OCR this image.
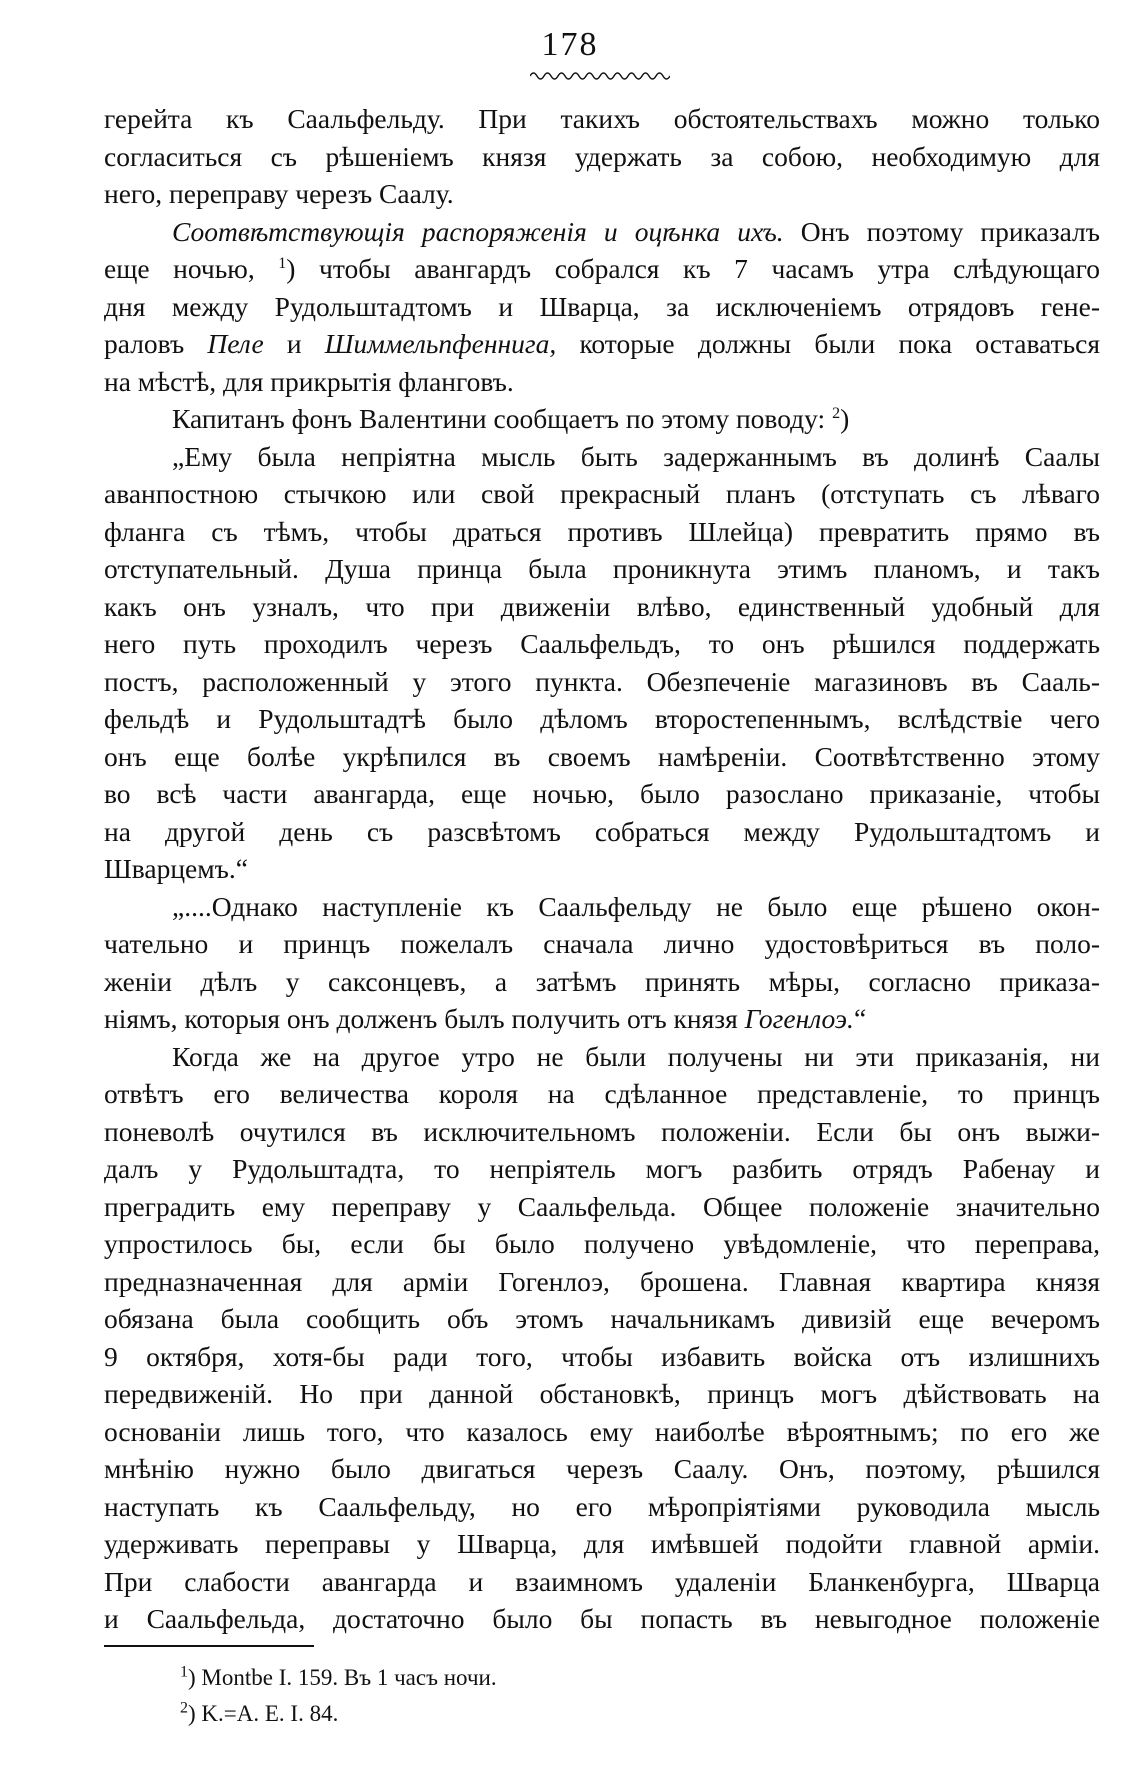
178
герейта къ Саальфельду. При такихъ обстоятельствахъ можно только
согласиться съ рѣшеніемъ князя удержать за собою, необходимую для
него, переправу черезъ Саалу.
Соотвѣтствующія распоряженія и оцѣнка ихъ. Онъ поэтому приказалъ
еще ночью, $^1$) чтобы авангардъ собрался къ 7 часамъ утра слѣдующаго
дня между Рудольштадтомъ и Шварца, за исключеніемъ отрядовъ гене-
раловъ Пеле и Шиммельпфеннига, которые должны были пока оставаться
на мѣстѣ, для прикрытія фланговъ.
Капитанъ фонъ Валентини сообщаетъ по этому поводу: $^2$)
„Ему была непріятна мысль быть задержаннымъ въ долинѣ Саалы
аванпостною стычкою или свой прекрасный планъ (отступать съ лѣваго
фланга съ тѣмъ, чтобы драться противъ Шлейца) превратить прямо въ
отступательный. Душа принца была проникнута этимъ планомъ, и такъ
какъ онъ узналъ, что при движеніи влѣво, единственный удобный для
него путь проходилъ черезъ Саальфельдъ, то онъ рѣшился поддержать
постъ, расположенный у этого пункта. Обезпеченіе магазиновъ въ Сааль-
фельдѣ и Рудольштадтѣ было дѣломъ второстепеннымъ, вслѣдствіе чего
онъ еще болѣе укрѣпился въ своемъ намѣреніи. Соотвѣтственно этому
во всѣ части авангарда, еще ночью, было разослано приказаніе, чтобы
на другой день съ разсвѣтомъ собраться между Рудольштадтомъ и
Шварцемъ.“
„....Однако наступленіе къ Саальфельду не было еще рѣшено окон-
чательно и принцъ пожелалъ сначала лично удостовѣриться въ поло-
женіи дѣлъ у саксонцевъ, а затѣмъ принять мѣры, согласно приказа-
ніямъ, которыя онъ долженъ былъ получить отъ князя Гогенлоэ.“
Когда же на другое утро не были получены ни эти приказанія, ни
отвѣтъ его величества короля на сдѣланное представленіе, то принцъ
поневолѣ очутился въ исключительномъ положеніи. Если бы онъ выжи-
далъ у Рудольштадта, то непріятель могъ разбить отрядъ Рабенау и
преградить ему переправу у Саальфельда. Общее положеніе значительно
упростилось бы, если бы было получено увѣдомленіе, что переправа,
предназначенная для арміи Гогенлоэ, брошена. Главная квартира князя
обязана была сообщить объ этомъ начальникамъ дивизій еще вечеромъ
9 октября, хотя-бы ради того, чтобы избавить войска отъ излишнихъ
передвиженій. Но при данной обстановкѣ, принцъ могъ дѣйствовать на
основаніи лишь того, что казалось ему наиболѣе вѣроятнымъ; по его же
мнѣнію нужно было двигаться черезъ Саалу. Онъ, поэтому, рѣшился
наступать къ Саальфельду, но его мѣропріятіями руководила мысль
удерживать переправы у Шварца, для имѣвшей подойти главной арміи.
При слабости авангарда и взаимномъ удаленіи Бланкенбурга, Шварца
и Саальфельда, достаточно было бы попасть въ невыгодное положеніе
$^1$) Montbe I. 159. Въ 1 часъ ночи.
$^2$) K.=A. E. I. 84.
